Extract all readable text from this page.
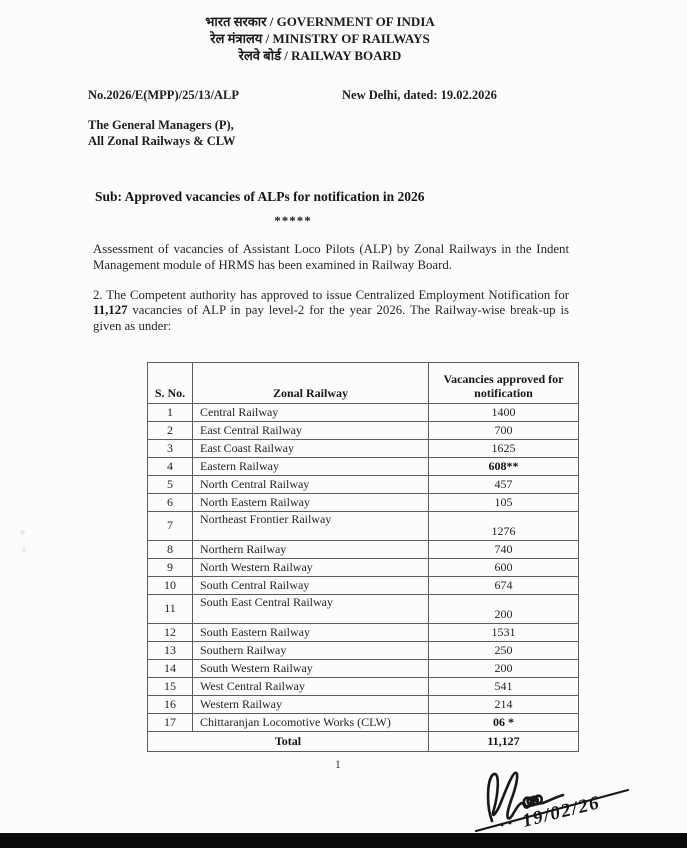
भारत सरकार / GOVERNMENT OF INDIA
रेल मंत्रालय / MINISTRY OF RAILWAYS
रेलवे बोर्ड / RAILWAY BOARD
No.2026/E(MPP)/25/13/ALP	New Delhi, dated: 19.02.2026
The General Managers (P),
All Zonal Railways & CLW
Sub: Approved vacancies of ALPs for notification in 2026
*****
Assessment of vacancies of Assistant Loco Pilots (ALP) by Zonal Railways in the Indent Management module of HRMS has been examined in Railway Board.
2. The Competent authority has approved to issue Centralized Employment Notification for 11,127 vacancies of ALP in pay level-2 for the year 2026. The Railway-wise break-up is given as under:
S. No.	Zonal Railway	Vacancies approved for notification
1	Central Railway	1400
2	East Central Railway	700
3	East Coast Railway	1625
4	Eastern Railway	608**
5	North Central Railway	457
6	North Eastern Railway	105
7	Northeast Frontier Railway	1276
8	Northern Railway	740
9	North Western Railway	600
10	South Central Railway	674
11	South East Central Railway	200
12	South Eastern Railway	1531
13	Southern Railway	250
14	South Western Railway	200
15	West Central Railway	541
16	Western Railway	214
17	Chittaranjan Locomotive Works (CLW)	06 *
Total		11,127
1
19/02/26
